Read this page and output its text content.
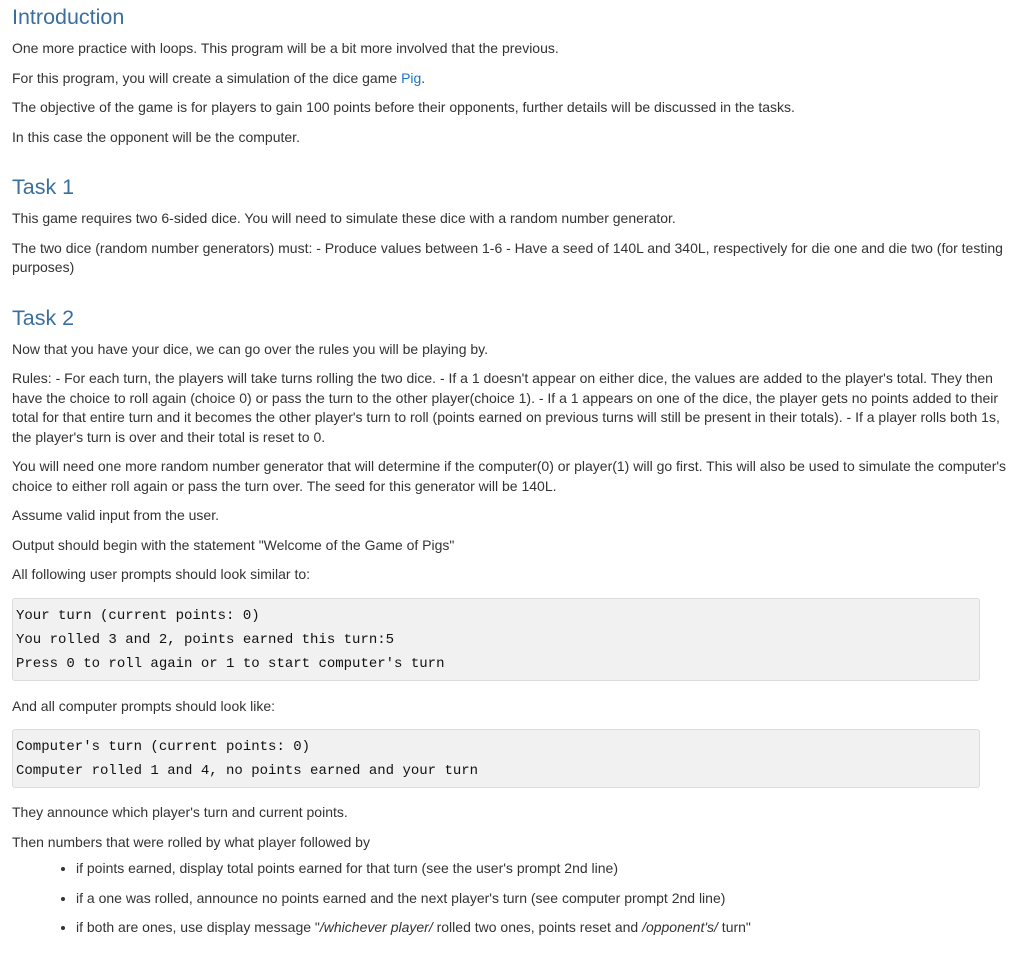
Introduction

One more practice with loops. This program will be a bit more involved that the previous.

For this program, you will create a simulation of the dice game Pig.

The objective of the game is for players to gain 100 points before their opponents, further details will be discussed in the tasks.

In this case the opponent will be the computer.

Task 1

This game requires two 6-sided dice. You will need to simulate these dice with a random number generator.

The two dice (random number generators) must: - Produce values between 1-6 - Have a seed of 140L and 340L, respectively for die one and die two (for testing purposes)

Task 2

Now that you have your dice, we can go over the rules you will be playing by.

Rules: - For each turn, the players will take turns rolling the two dice. - If a 1 doesn't appear on either dice, the values are added to the player's total. They then have the choice to roll again (choice 0) or pass the turn to the other player(choice 1). - If a 1 appears on one of the dice, the player gets no points added to their total for that entire turn and it becomes the other player's turn to roll (points earned on previous turns will still be present in their totals). - If a player rolls both 1s, the player's turn is over and their total is reset to 0.

You will need one more random number generator that will determine if the computer(0) or player(1) will go first. This will also be used to simulate the computer's choice to either roll again or pass the turn over. The seed for this generator will be 140L.

Assume valid input from the user.

Output should begin with the statement "Welcome of the Game of Pigs"

All following user prompts should look similar to:

Your turn (current points: 0)
You rolled 3 and 2, points earned this turn:5
Press 0 to roll again or 1 to start computer's turn

And all computer prompts should look like:

Computer's turn (current points: 0)
Computer rolled 1 and 4, no points earned and your turn

They announce which player's turn and current points.

Then numbers that were rolled by what player followed by

• if points earned, display total points earned for that turn (see the user's prompt 2nd line)
• if a one was rolled, announce no points earned and the next player's turn (see computer prompt 2nd line)
• if both are ones, use display message "/whichever player/ rolled two ones, points reset and /opponent's/ turn"
